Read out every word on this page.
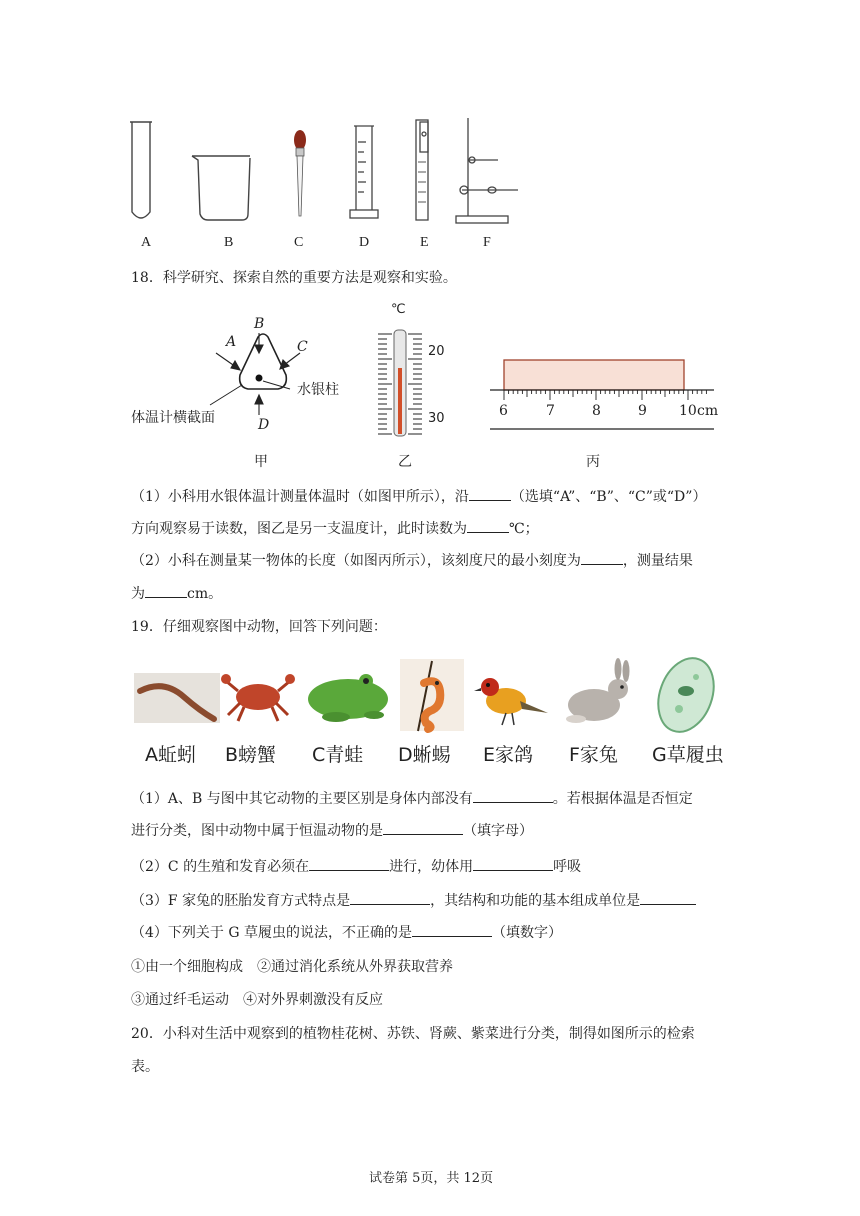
A	B	C	D	E	F
18．科学研究、探索自然的重要方法是观察和实验。
A
B
C
D
水银柱
体温计横截面
甲
℃
20
30
乙
6	7	8	9 10 cm
丙
（1）小科用水银体温计测量体温时（如图甲所示），沿	（选填“A”、“B”、“C”或“D”）
方向观察易于读数，图乙是另一支温度计，此时读数为	℃；
（2）小科在测量某一物体的长度（如图丙所示），该刻度尺的最小刻度为	，测量结果
为	cm。
19．仔细观察图中动物，回答下列问题：
A蚯蚓 B螃蟹 C青蛙 D蜥蜴 E家鸽 F家兔 G草履虫
（1）A、B 与图中其它动物的主要区别是身体内部没有	。若根据体温是否恒定
进行分类，图中动物中属于恒温动物的是	（填字母）
（2）C 的生殖和发育必须在	进行，幼体用	呼吸
（3）F 家兔的胚胎发育方式特点是	，其结构和功能的基本组成单位是
（4）下列关于 G 草履虫的说法，不正确的是	（填数字）
①由一个细胞构成　②通过消化系统从外界获取营养
③通过纤毛运动　④对外界刺激没有反应
20．小科对生活中观察到的植物桂花树、苏铁、肾蕨、紫菜进行分类，制得如图所示的检索
表。
试卷第 5页，共 12页
